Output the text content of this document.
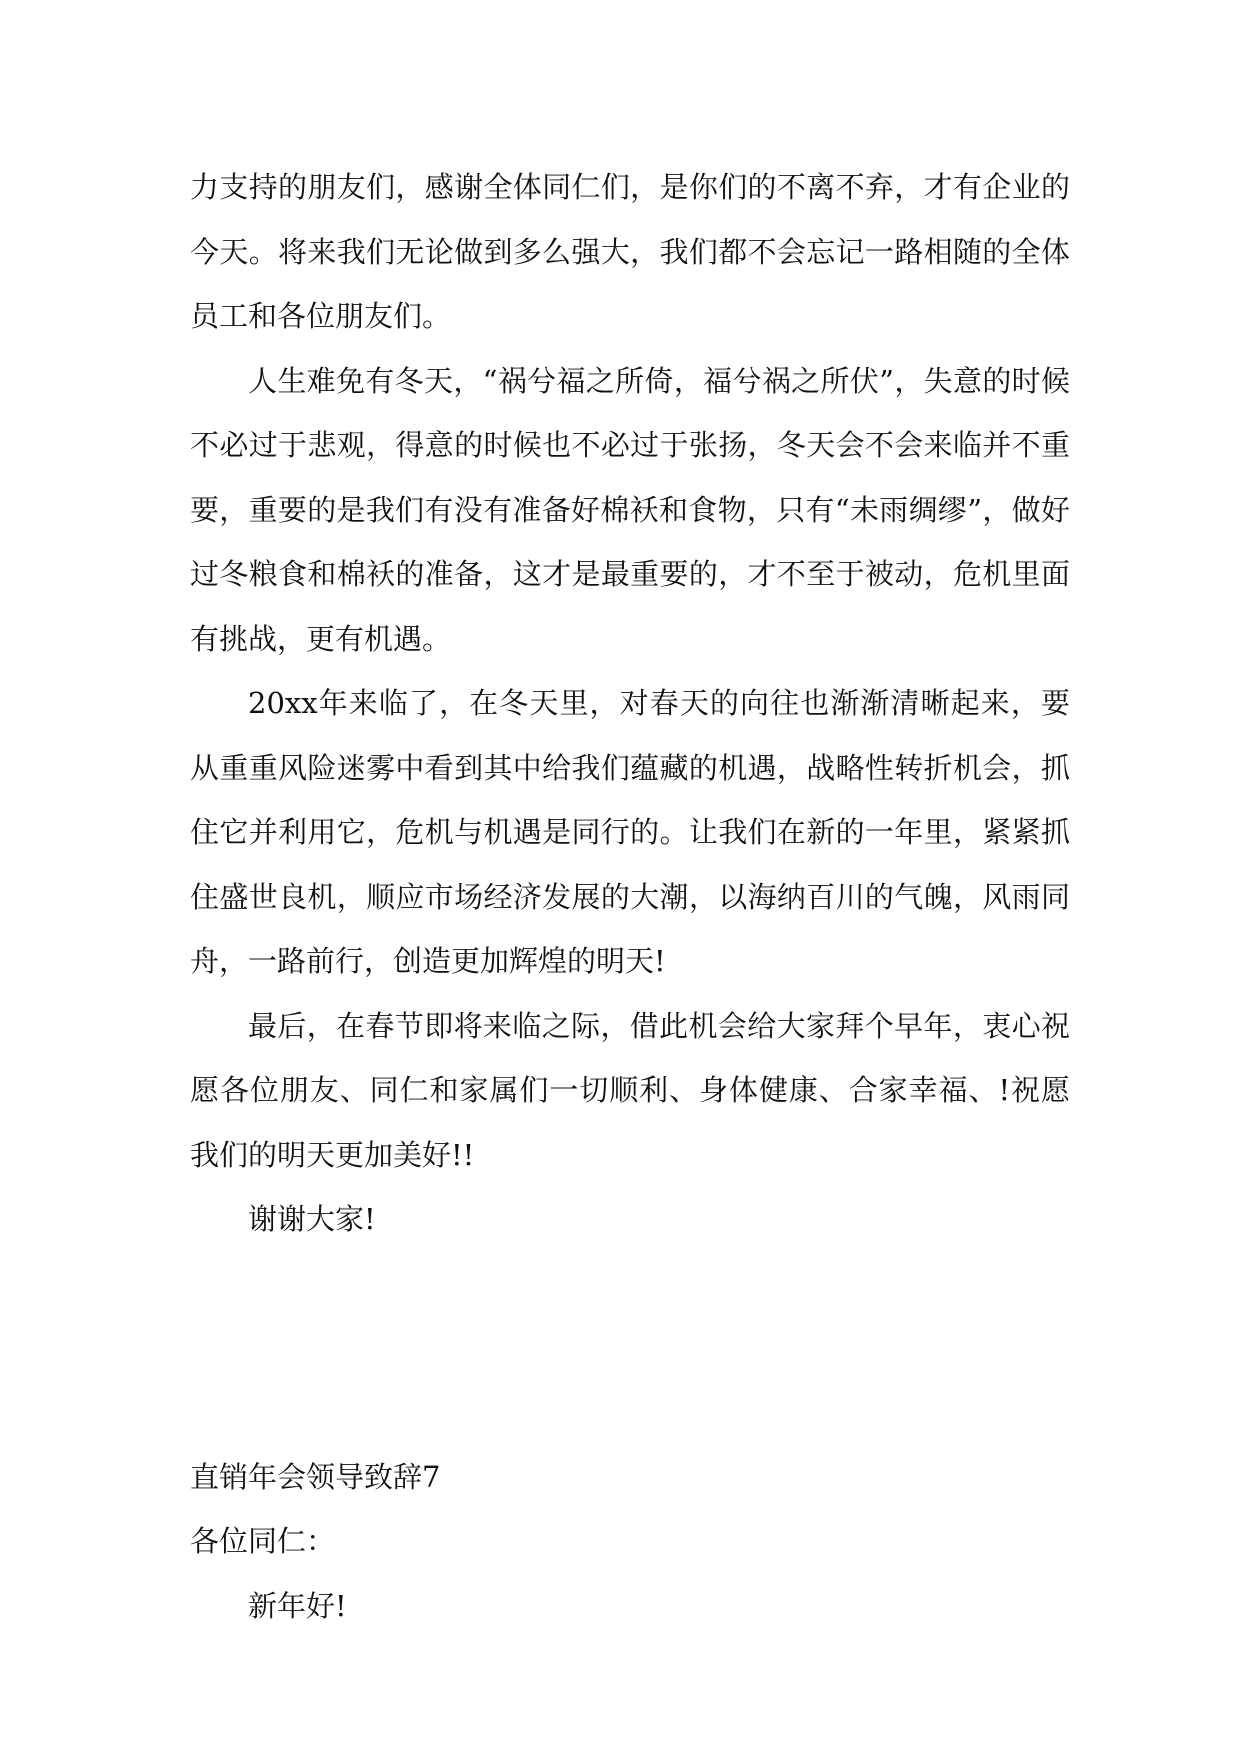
力支持的朋友们，感谢全体同仁们，是你们的不离不弃，才有企业的今天。将来我们无论做到多么强大，我们都不会忘记一路相随的全体员工和各位朋友们。

人生难免有冬天，“祸兮福之所倚，福兮祸之所伏”，失意的时候不必过于悲观，得意的时候也不必过于张扬，冬天会不会来临并不重要，重要的是我们有没有准备好棉袄和食物，只有“未雨绸缪”，做好过冬粮食和棉袄的准备，这才是最重要的，才不至于被动，危机里面有挑战，更有机遇。

20xx年来临了，在冬天里，对春天的向往也渐渐清晰起来，要从重重风险迷雾中看到其中给我们蕴藏的机遇，战略性转折机会，抓住它并利用它，危机与机遇是同行的。让我们在新的一年里，紧紧抓住盛世良机，顺应市场经济发展的大潮，以海纳百川的气魄，风雨同舟，一路前行，创造更加辉煌的明天!

最后，在春节即将来临之际，借此机会给大家拜个早年，衷心祝愿各位朋友、同仁和家属们一切顺利、身体健康、合家幸福、!祝愿我们的明天更加美好!!

谢谢大家!

直销年会领导致辞7

各位同仁：

新年好!
